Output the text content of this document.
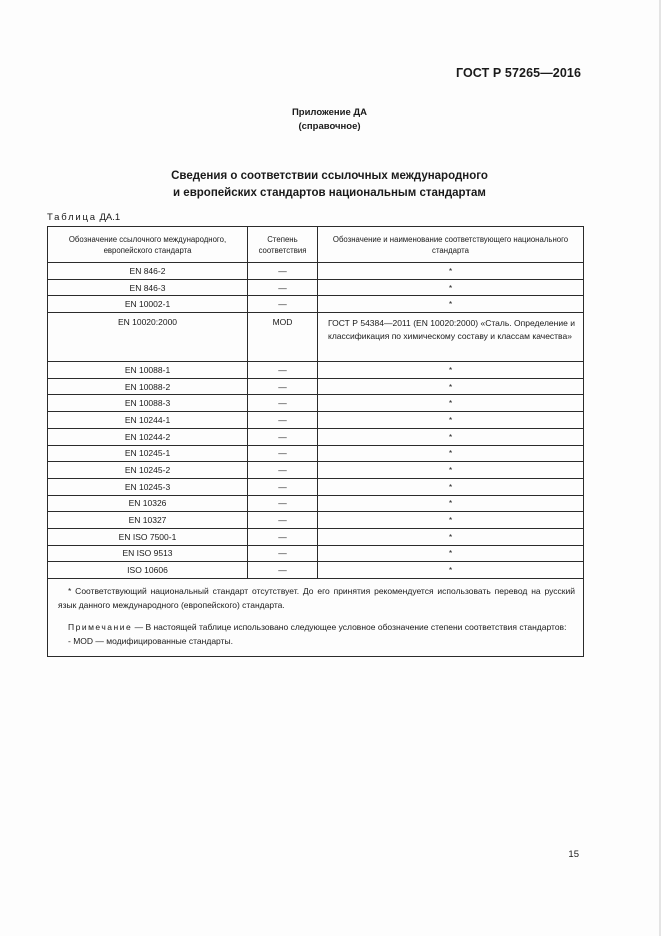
ГОСТ Р 57265—2016
Приложение ДА
(справочное)
Сведения о соответствии ссылочных международного
и европейских стандартов национальным стандартам
Таблица ДА.1
Обозначение ссылочного международного, европейского стандарта	Степень соответствия	Обозначение и наименование соответствующего национального стандарта
EN 846-2	—	*
EN 846-3	—	*
EN 10002-1	—	*
EN 10020:2000	MOD	ГОСТ Р 54384—2011 (EN 10020:2000) «Сталь. Определение и классификация по химическому составу и классам качества»
EN 10088-1	—	*
EN 10088-2	—	*
EN 10088-3	—	*
EN 10244-1	—	*
EN 10244-2	—	*
EN 10245-1	—	*
EN 10245-2	—	*
EN 10245-3	—	*
EN 10326	—	*
EN 10327	—	*
EN ISO 7500-1	—	*
EN ISO 9513	—	*
ISO 10606	—	*

* Соответствующий национальный стандарт отсутствует. До его принятия рекомендуется использовать перевод на русский язык данного международного (европейского) стандарта.

Примечание — В настоящей таблице использовано следующее условное обозначение степени соответствия стандартов:

- MOD — модифицированные стандарты.		

15
